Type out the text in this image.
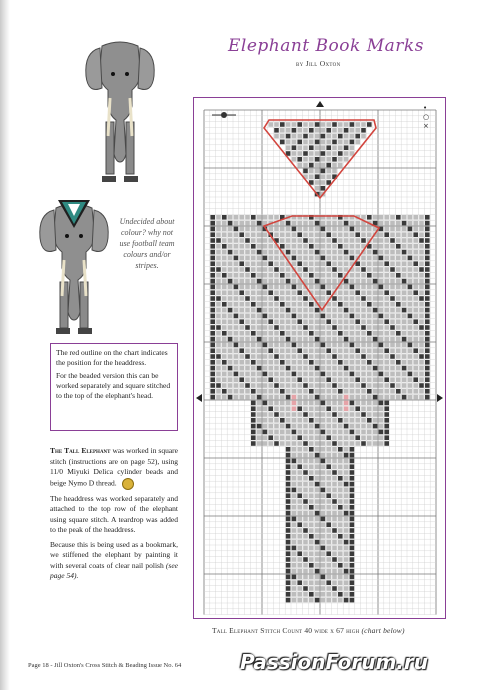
Elephant Book Marks
by Jill Oxton
Undecided about colour? why not use football team colours and/or stripes.

The red outline on the chart indicates the position for the headdress.

For the beaded version this can be worked separately and square stitched to the top of the elephant's head.

The Tall Elephant was worked in square stitch (instructions are on page 52), using 11/0 Miyuki Delica cylinder beads and beige Nymo D thread.

The headdress was worked separately and attached to the top row of the elephant using square stitch. A teardrop was added to the peak of the headdress.

Because this is being used as a bookmark, we stiffened the elephant by painting it with several coats of clear nail polish (see page 54).

• ○ ×
Tall Elephant Stitch Count 40 wide x 67 high (chart below)
Page 18 - Jill Oxton's Cross Stitch & Beading Issue No. 64	PassionForum.ru
